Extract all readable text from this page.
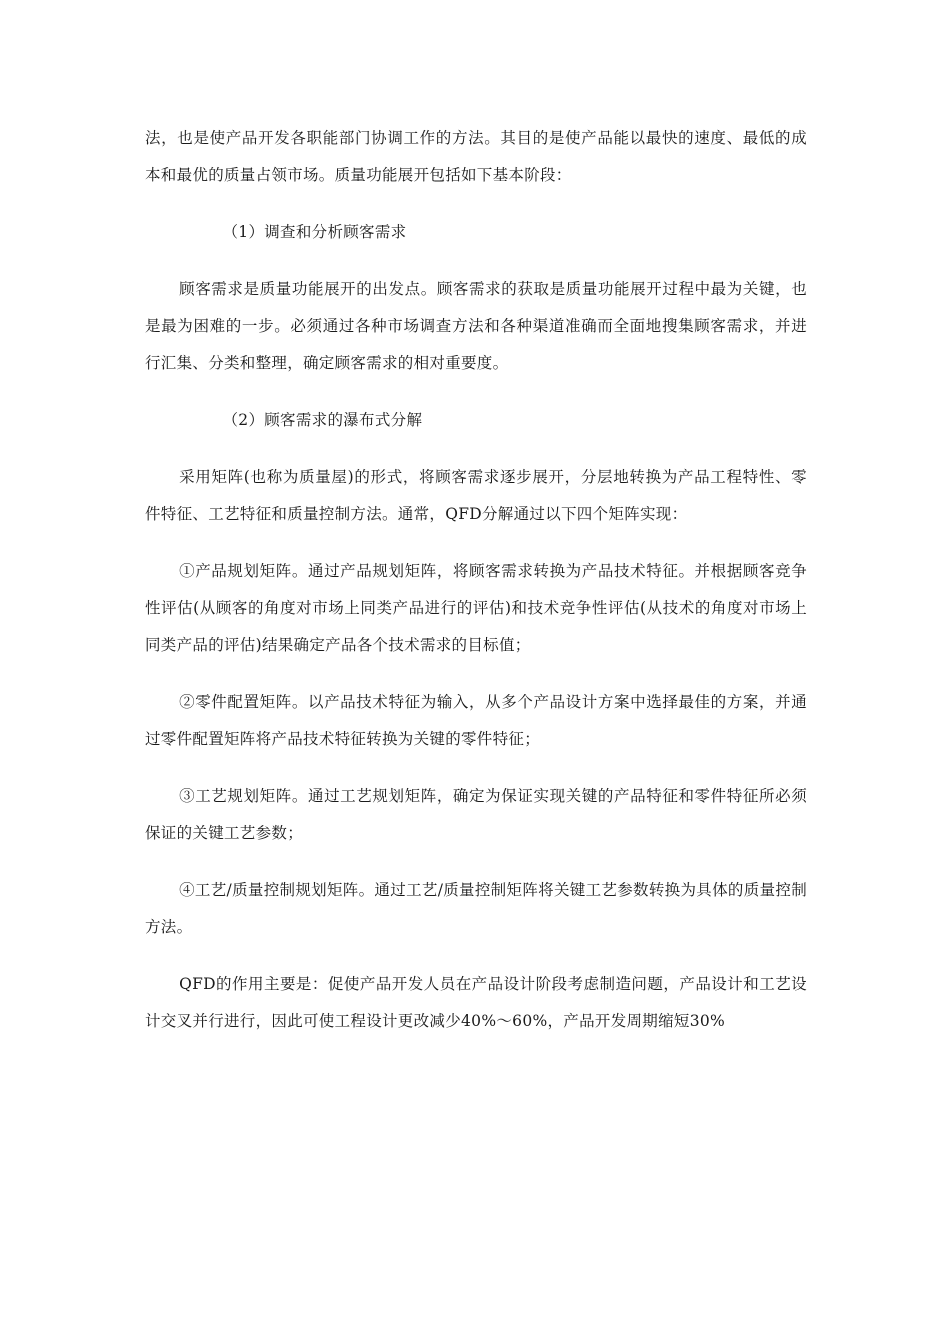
法，也是使产品开发各职能部门协调工作的方法。其目的是使产品能以最快的速度、最低的成本和最优的质量占领市场。质量功能展开包括如下基本阶段：

（1）调查和分析顾客需求

顾客需求是质量功能展开的出发点。顾客需求的获取是质量功能展开过程中最为关键，也是最为困难的一步。必须通过各种市场调查方法和各种渠道准确而全面地搜集顾客需求，并进行汇集、分类和整理，确定顾客需求的相对重要度。

（2）顾客需求的瀑布式分解

采用矩阵(也称为质量屋)的形式，将顾客需求逐步展开，分层地转换为产品工程特性、零件特征、工艺特征和质量控制方法。通常，QFD分解通过以下四个矩阵实现：

①产品规划矩阵。通过产品规划矩阵，将顾客需求转换为产品技术特征。并根据顾客竞争性评估(从顾客的角度对市场上同类产品进行的评估)和技术竞争性评估(从技术的角度对市场上同类产品的评估)结果确定产品各个技术需求的目标值；

②零件配置矩阵。以产品技术特征为输入，从多个产品设计方案中选择最佳的方案，并通过零件配置矩阵将产品技术特征转换为关键的零件特征；

③工艺规划矩阵。通过工艺规划矩阵，确定为保证实现关键的产品特征和零件特征所必须保证的关键工艺参数；

④工艺/质量控制规划矩阵。通过工艺/质量控制矩阵将关键工艺参数转换为具体的质量控制方法。

QFD的作用主要是：促使产品开发人员在产品设计阶段考虑制造问题，产品设计和工艺设计交叉并行进行，因此可使工程设计更改减少40%～60%，产品开发周期缩短30%
